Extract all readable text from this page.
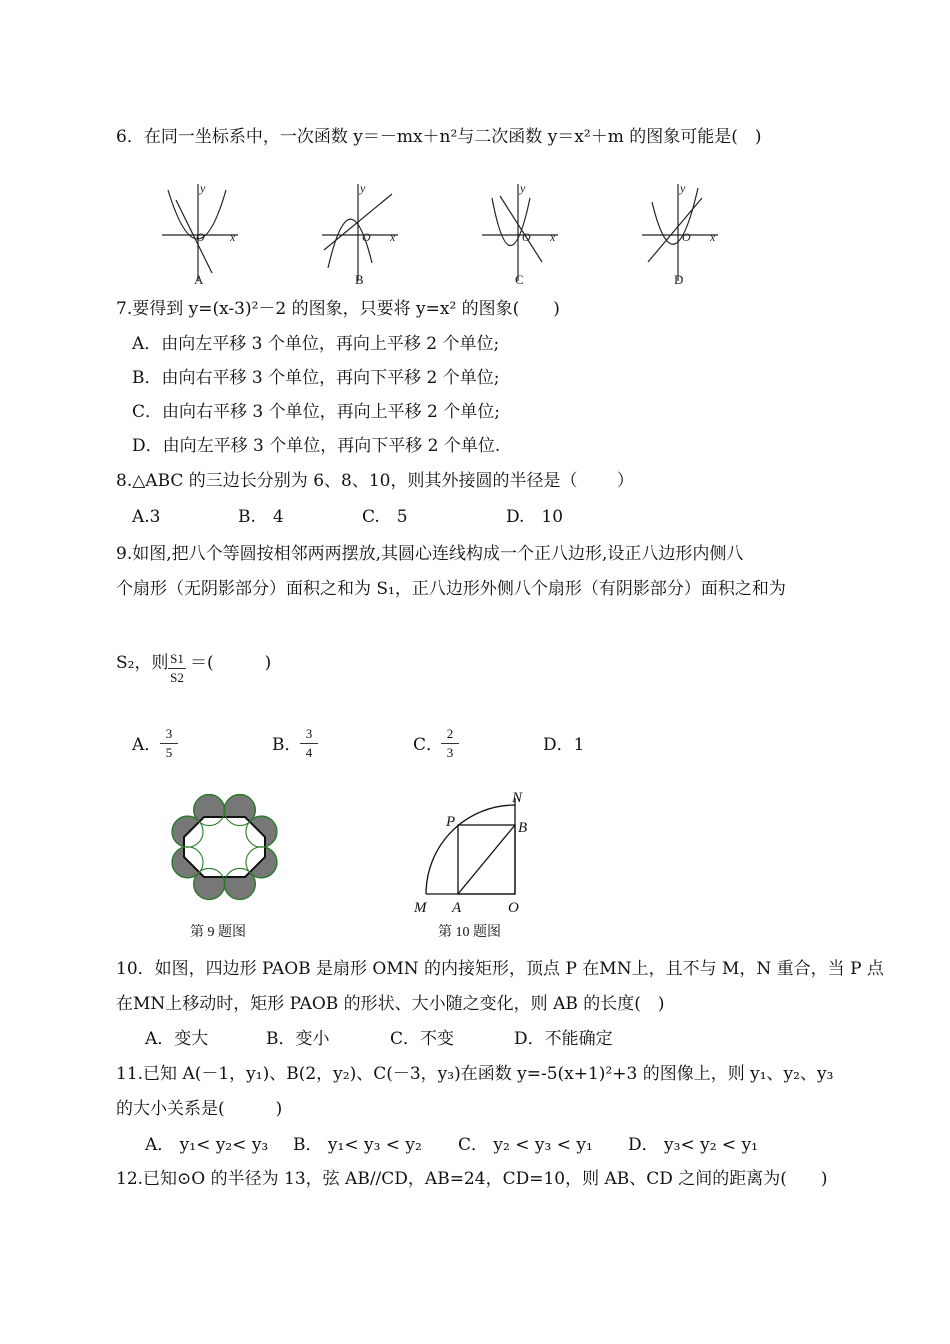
6．在同一坐标系中，一次函数 y＝－mx＋n²与二次函数 y＝x²＋m 的图象可能是(　)
y
x
O
y
x
O
y
x
O
y
x
O
A	B	C	D
7.要得到 y=(x-3)²－2 的图象，只要将 y=x² 的图象(　　)
A．由向左平移 3 个单位，再向上平移 2 个单位;
B．由向右平移 3 个单位，再向下平移 2 个单位;
C．由向右平移 3 个单位，再向上平移 2 个单位;
D．由向左平移 3 个单位，再向下平移 2 个单位.
8.△ABC 的三边长分别为 6、8、10，则其外接圆的半径是（　　 ）
A.3	B.　4	C.　5	D.　10
9.如图,把八个等圆按相邻两两摆放,其圆心连线构成一个正八边形,设正八边形内侧八
个扇形（无阴影部分）面积之和为 S₁，正八边形外侧八个扇形（有阴影部分）面积之和为
S₂，则 S1
S2
＝(　　　)
A．
3
5	B．
3
4	C．
2
3	D．1
第 9 题图
N
P	B
M A	O
第 10 题图
10．如图，四边形 PAOB 是扇形 OMN 的内接矩形，顶点 P 在MN上，且不与 M，N 重合，当 P 点
在MN上移动时，矩形 PAOB 的形状、大小随之变化，则 AB 的长度(　)
A．变大	B．变小	C．不变	D．不能确定
11.已知 A(－1，y₁)、B(2，y₂)、C(－3，y₃)在函数 y=-5(x+1)²+3 的图像上，则 y₁、y₂、y₃
的大小关系是(　　　)
A． y₁< y₂< y₃ B． y₁< y₃ < y₂ C． y₂ < y₃ < y₁ D． y₃< y₂ < y₁
12.已知⊙O 的半径为 13，弦 AB//CD，AB=24，CD=10，则 AB、CD 之间的距离为(　　)
